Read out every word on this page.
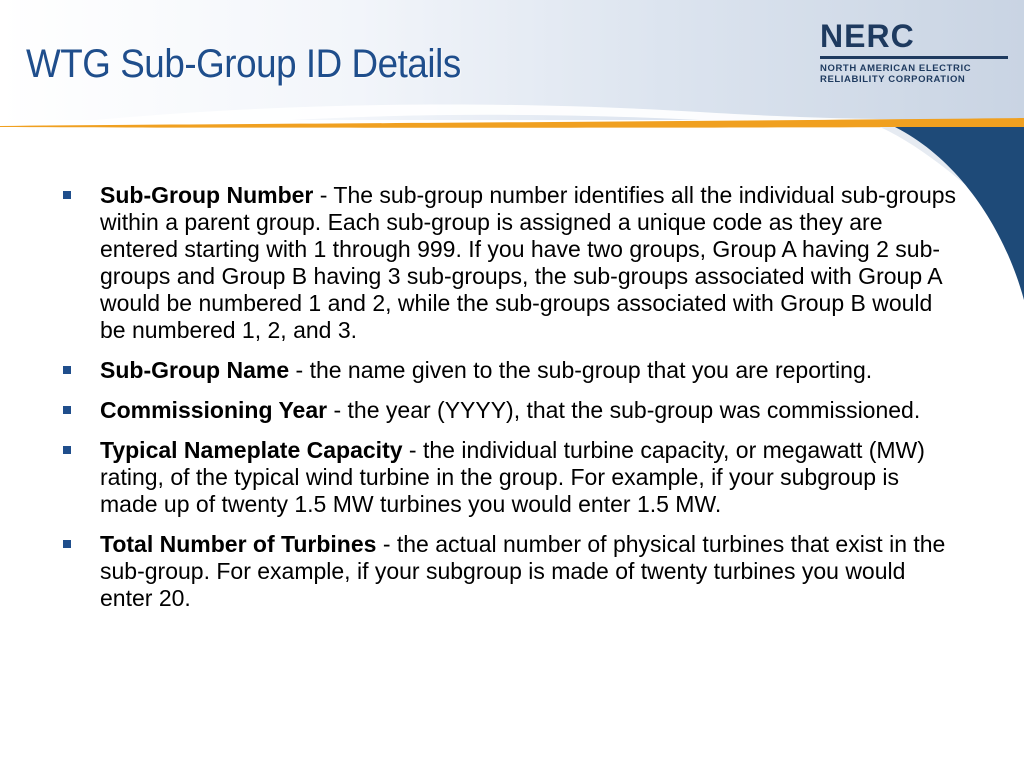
WTG Sub-Group ID Details
NERC
NORTH AMERICAN ELECTRIC
RELIABILITY CORPORATION
Sub-Group Number - The sub-group number identifies all the individual sub-groups within a parent group. Each sub-group is assigned a unique code as they are entered starting with 1 through 999. If you have two groups, Group A having 2 sub-groups and Group B having 3 sub-groups, the sub-groups associated with Group A would be numbered 1 and 2, while the sub-groups associated with Group B would be numbered 1, 2, and 3.
Sub-Group Name - the name given to the sub-group that you are reporting.
Commissioning Year - the year (YYYY), that the sub-group was commissioned.
Typical Nameplate Capacity - the individual turbine capacity, or megawatt (MW) rating, of the typical wind turbine in the group. For example, if your subgroup is made up of twenty 1.5 MW turbines you would enter 1.5 MW.
Total Number of Turbines - the actual number of physical turbines that exist in the sub-group. For example, if your subgroup is made of twenty turbines you would enter 20.
